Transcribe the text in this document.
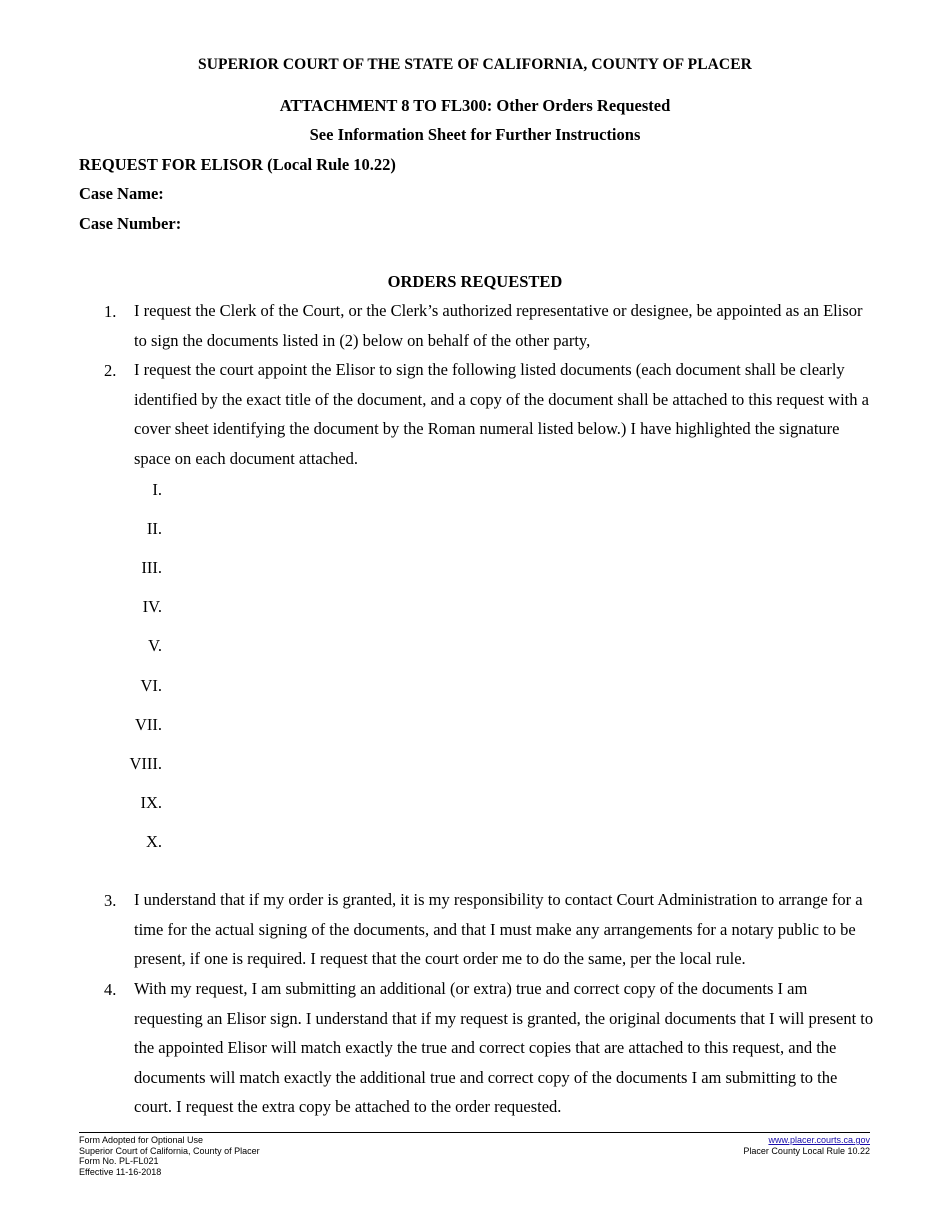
SUPERIOR COURT OF THE STATE OF CALIFORNIA, COUNTY OF PLACER
ATTACHMENT 8 TO FL300: Other Orders Requested
See Information Sheet for Further Instructions
REQUEST FOR ELISOR (Local Rule 10.22)
Case Name:
Case Number:
ORDERS REQUESTED
1.	I request the Clerk of the Court, or the Clerk’s authorized representative or designee, be appointed as an Elisor to sign the documents listed in (2) below on behalf of the other party,
2.	I request the court appoint the Elisor to sign the following listed documents (each document shall be clearly identified by the exact title of the document, and a copy of the document shall be attached to this request with a cover sheet identifying the document by the Roman numeral listed below.) I have highlighted the signature space on each document attached.
I.
II.
III.
IV.
V.
VI.
VII.
VIII.
IX.
X.
3.	I understand that if my order is granted, it is my responsibility to contact Court Administration to arrange for a time for the actual signing of the documents, and that I must make any arrangements for a notary public to be present, if one is required. I request that the court order me to do the same, per the local rule.
4.	With my request, I am submitting an additional (or extra) true and correct copy of the documents I am requesting an Elisor sign. I understand that if my request is granted, the original documents that I will present to the appointed Elisor will match exactly the true and correct copies that are attached to this request, and the documents will match exactly the additional true and correct copy of the documents I am submitting to the court. I request the extra copy be attached to the order requested.
Form Adopted for Optional Use
Superior Court of California, County of Placer
Form No. PL-FL021
Effective 11-16-2018
www.placer.courts.ca.gov
Placer County Local Rule 10.22
